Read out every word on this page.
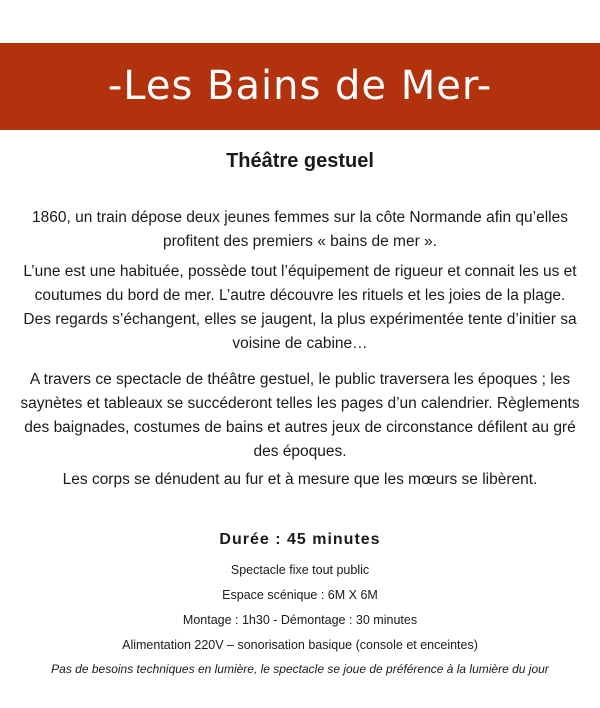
-Les Bains de Mer-
Théâtre gestuel

1860, un train dépose deux jeunes femmes sur la côte Normande afin qu’elles profitent des premiers « bains de mer ».

L’une est une habituée, possède tout l’équipement de rigueur et connait les us et coutumes du bord de mer. L’autre découvre les rituels et les joies de la plage. Des regards s’échangent, elles se jaugent, la plus expérimentée tente d’initier sa voisine de cabine…

A travers ce spectacle de théâtre gestuel, le public traversera les époques ; les saynètes et tableaux se succéderont telles les pages d’un calendrier. Règlements des baignades, costumes de bains et autres jeux de circonstance défilent au gré des époques.

Les corps se dénudent au fur et à mesure que les mœurs se libèrent.

Durée : 45 minutes
Spectacle fixe tout public
Espace scénique : 6M X 6M
Montage : 1h30 - Démontage : 30 minutes
Alimentation 220V – sonorisation basique (console et enceintes)
Pas de besoins techniques en lumière, le spectacle se joue de préférence à la lumière du jour
